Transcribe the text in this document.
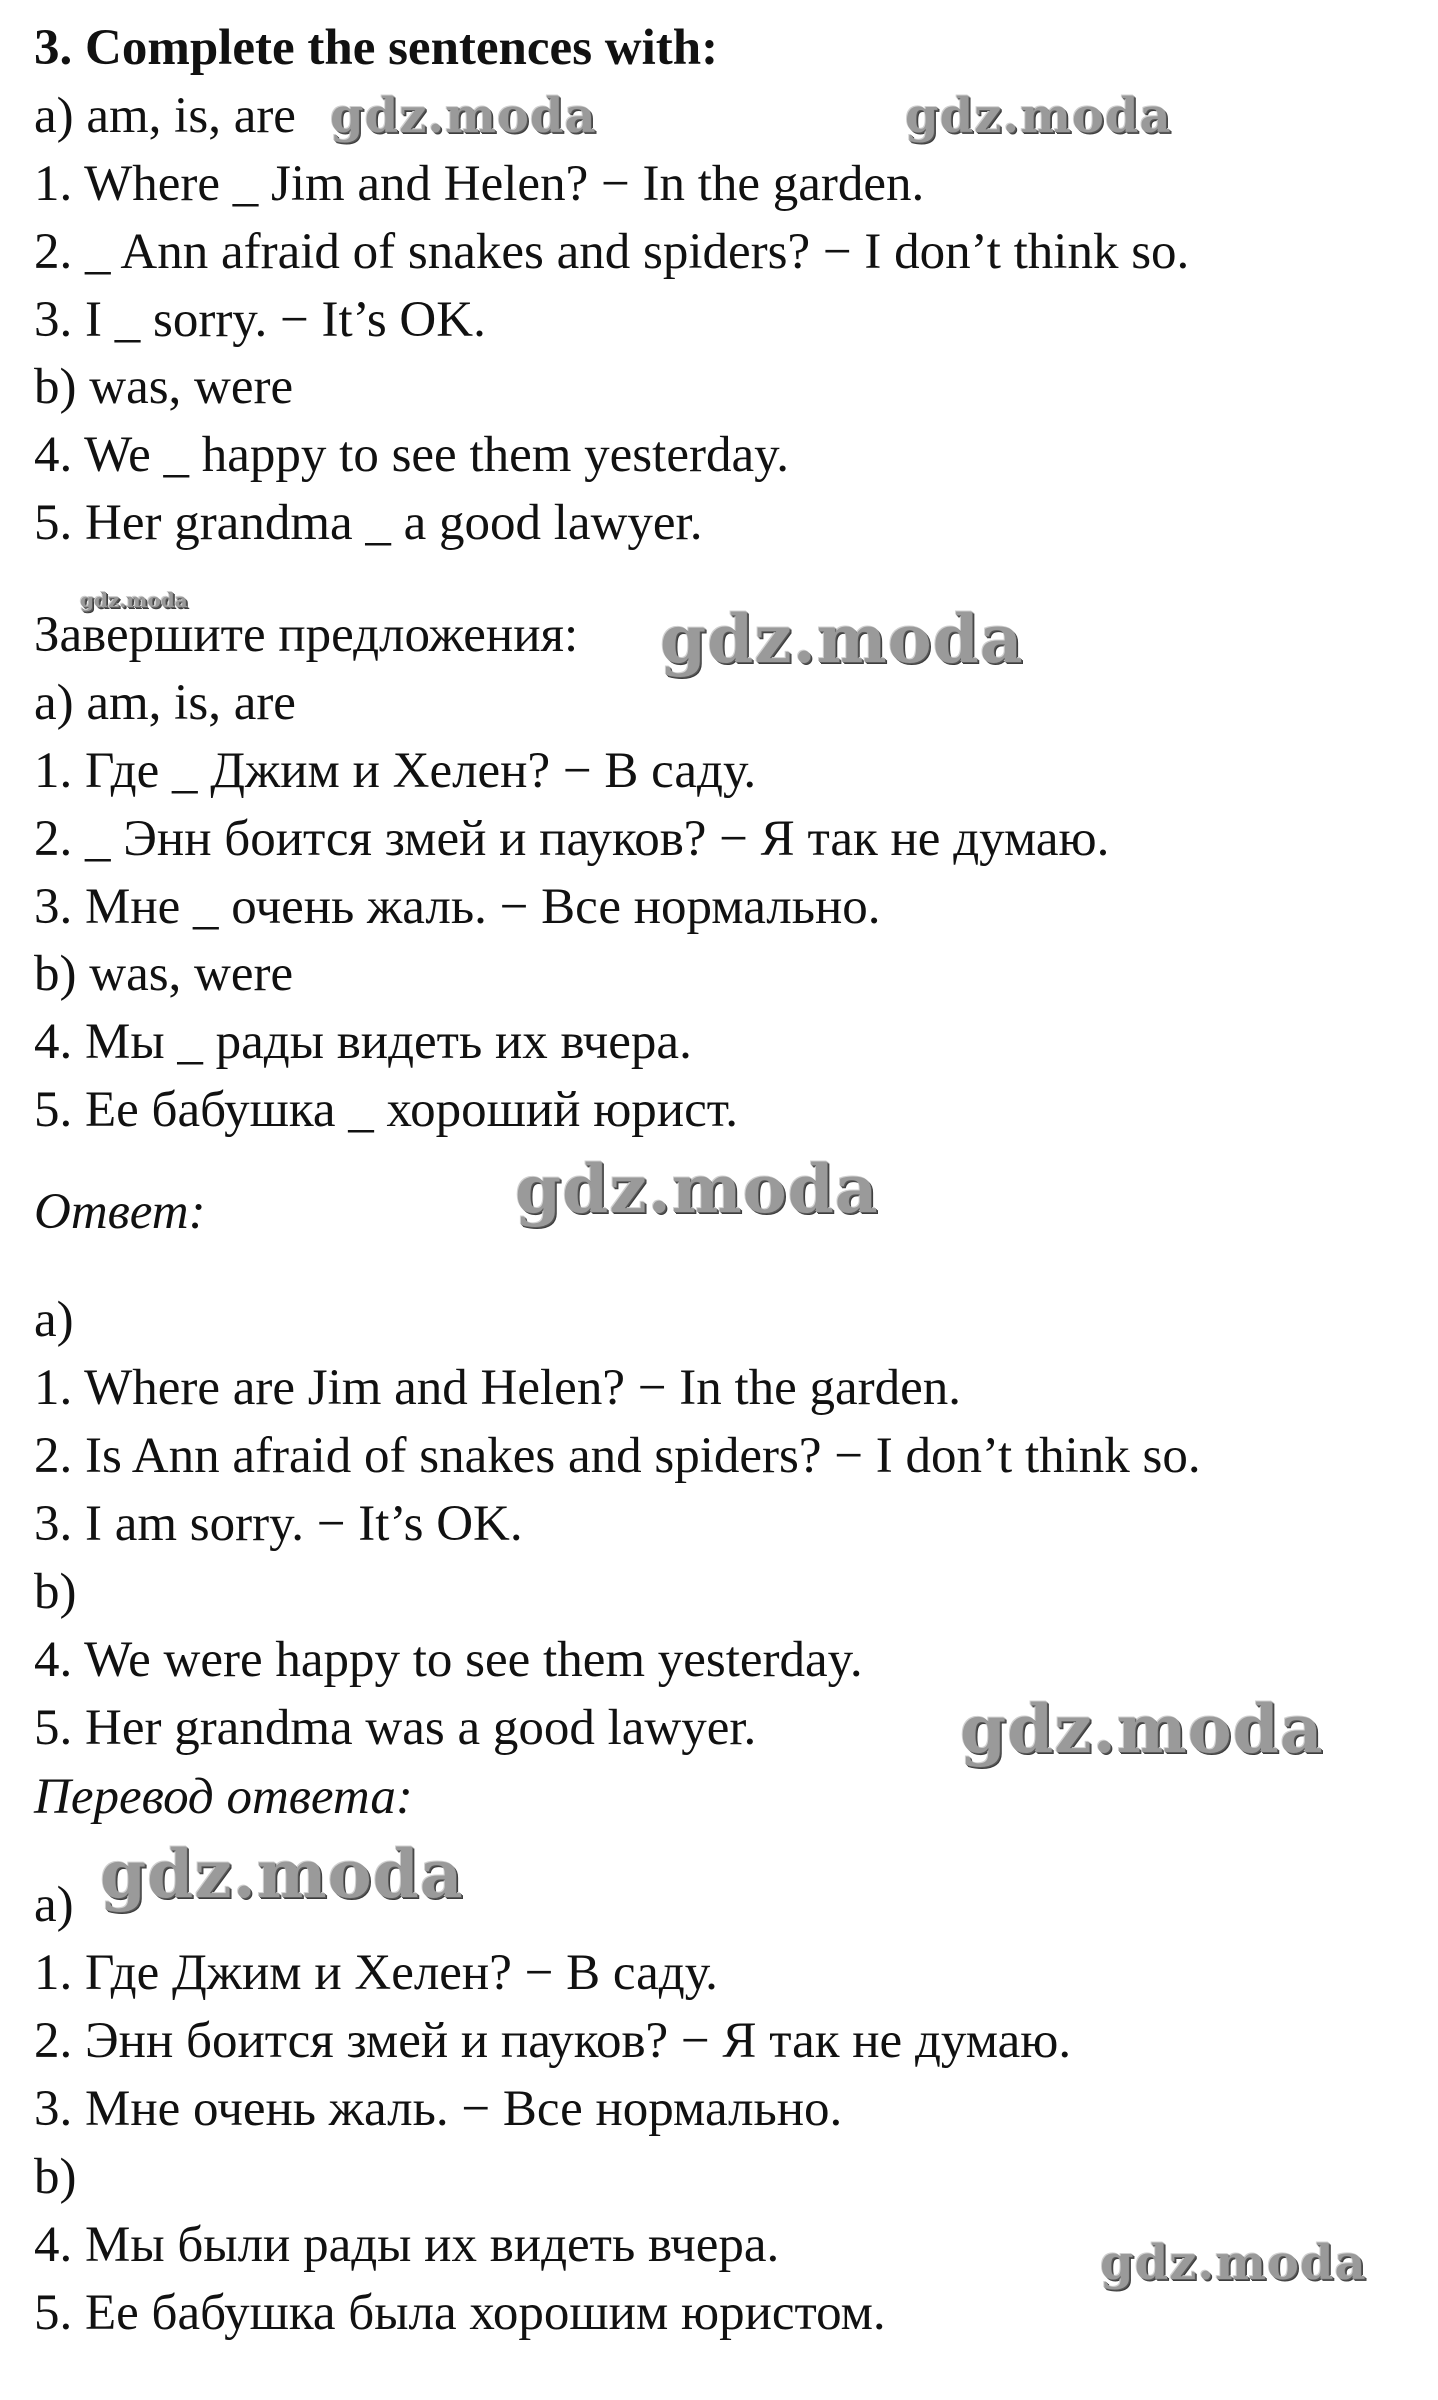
3. Complete the sentences with:
a) am, is, are
1. Where _ Jim and Helen? − In the garden.
2. _ Ann afraid of snakes and spiders? − I don’t think so.
3. I _ sorry. − It’s OK.
b) was, were
4. We _ happy to see them yesterday.
5. Her grandma _ a good lawyer.
Завершите предложения:
a) am, is, are
1. Где _ Джим и Хелен? − В саду.
2. _ Энн боится змей и пауков? − Я так не думаю.
3. Мне _ очень жаль. − Все нормально.
b) was, were
4. Мы _ рады видеть их вчера.
5. Ее бабушка _ хороший юрист.
Ответ:
a)
1. Where are Jim and Helen? − In the garden.
2. Is Ann afraid of snakes and spiders? − I don’t think so.
3. I am sorry. − It’s OK.
b)
4. We were happy to see them yesterday.
5. Her grandma was a good lawyer.
Перевод ответа:
a)
1. Где Джим и Хелен? − В саду.
2. Энн боится змей и пауков? − Я так не думаю.
3. Мне очень жаль. − Все нормально.
b)
4. Мы были рады их видеть вчера.
5. Ее бабушка была хорошим юристом.
gdz.moda	gdz.moda
gdz.moda	gdz.moda
gdz.moda
gdz.moda
gdz.moda
gdz.moda
